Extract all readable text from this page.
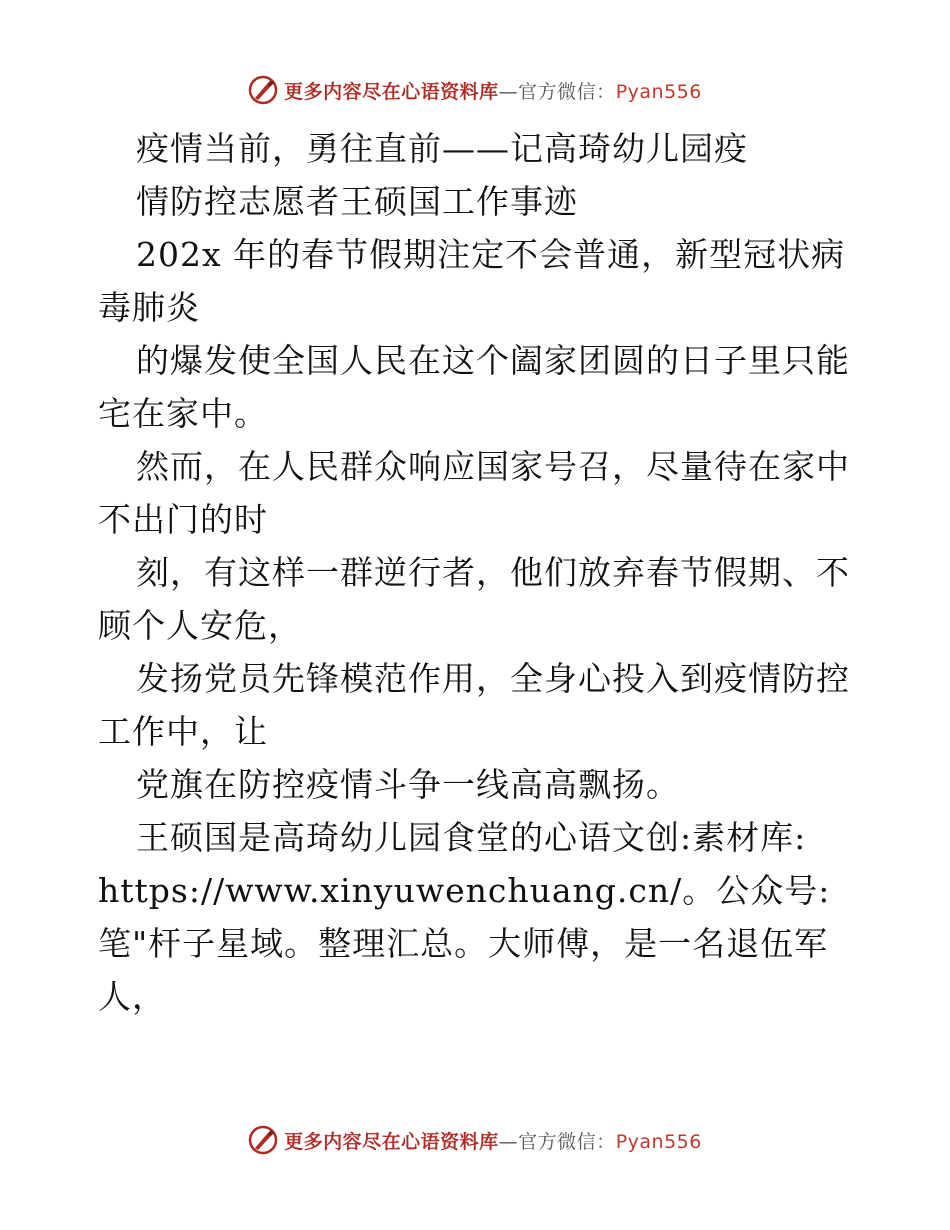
更多内容尽在心语资料库—官方微信：Pyan556
疫情当前，勇往直前——记高琦幼儿园疫
情防控志愿者王硕国工作事迹
202x 年的春节假期注定不会普通，新型冠状病
毒肺炎
的爆发使全国人民在这个阖家团圆的日子里只能
宅在家中。
然而，在人民群众响应国家号召，尽量待在家中
不出门的时
刻，有这样一群逆行者，他们放弃春节假期、不
顾个人安危，
发扬党员先锋模范作用，全身心投入到疫情防控
工作中，让
党旗在防控疫情斗争一线高高飘扬。
王硕国是高琦幼儿园食堂的心语文创:素材库:
https://www.xinyuwenchuang.cn/。公众号:
笔"杆子星域。整理汇总。大师傅，是一名退伍军
人，
更多内容尽在心语资料库—官方微信：Pyan556
